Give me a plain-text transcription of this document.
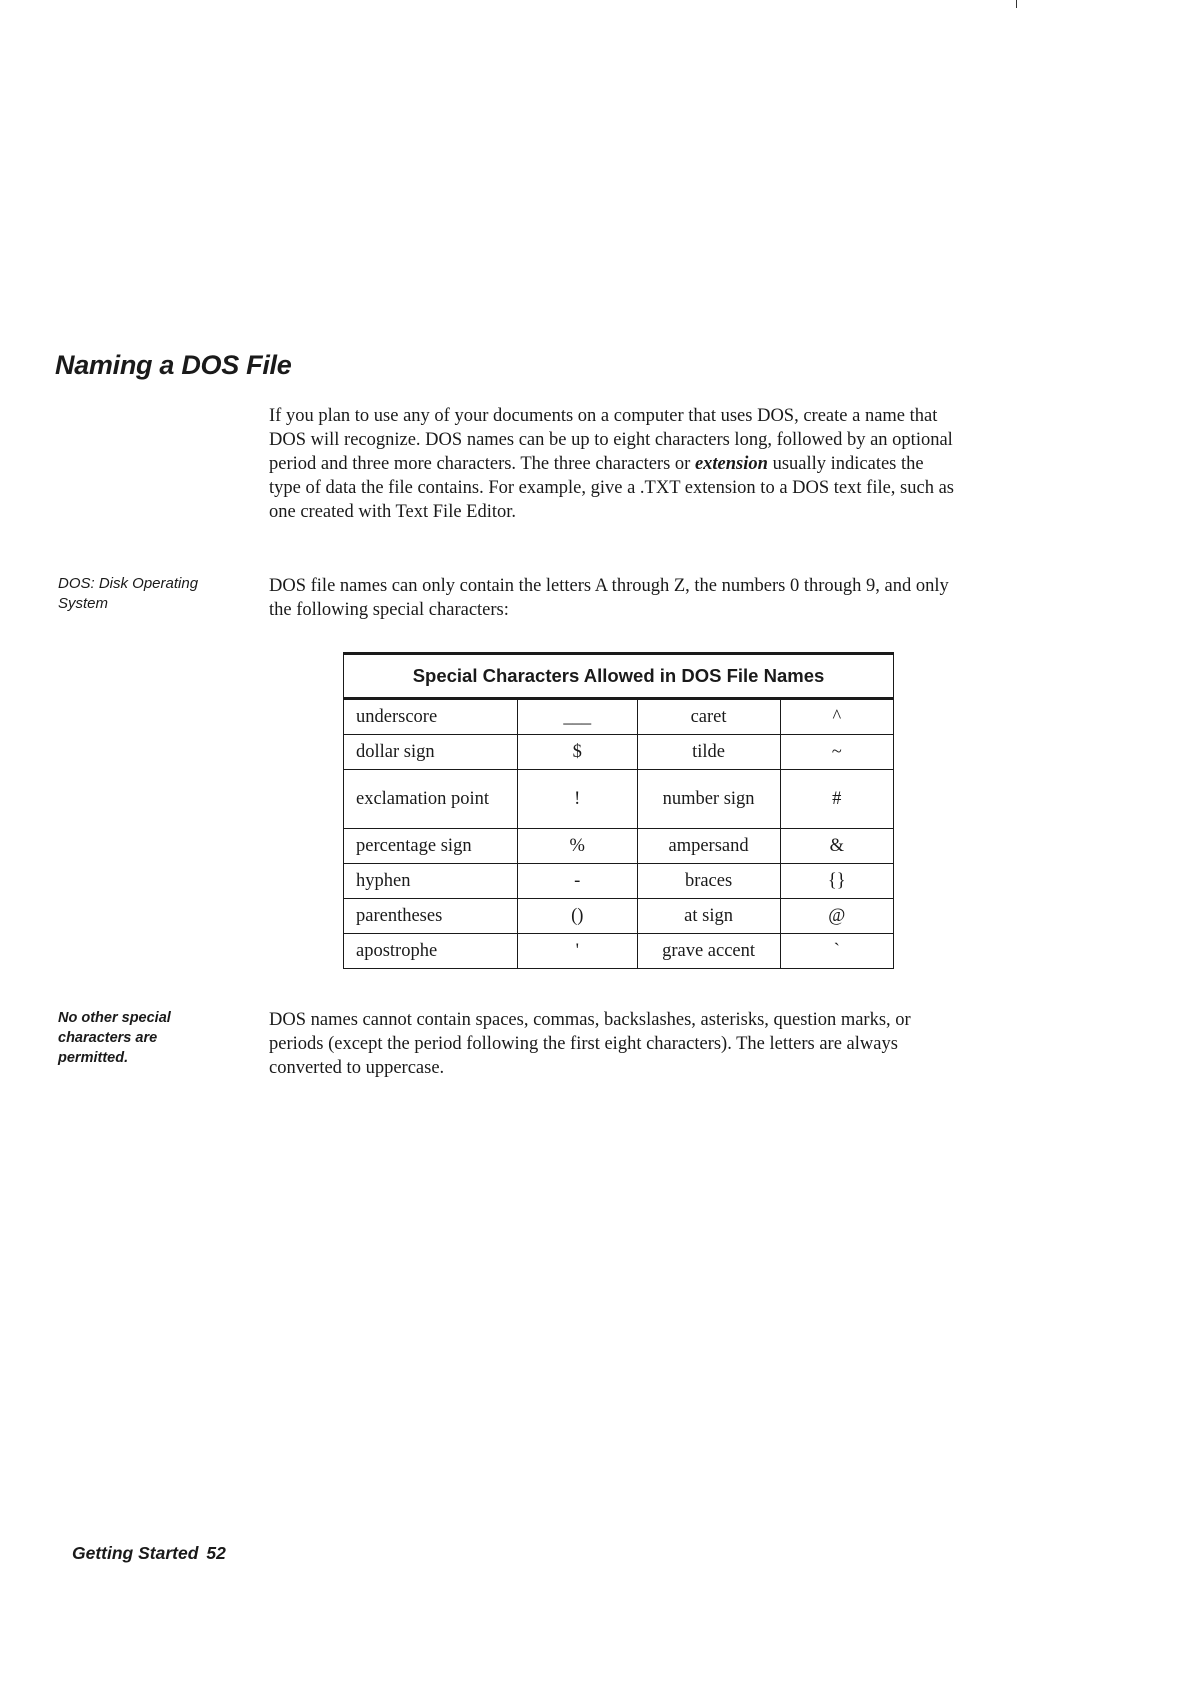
Naming a DOS File

If you plan to use any of your documents on a computer that uses DOS, create a name that DOS will recognize. DOS names can be up to eight characters long, followed by an optional period and three more characters. The three characters or extension usually indicates the type of data the file contains. For example, give a .TXT extension to a DOS text file, such as one created with Text File Editor.

DOS: Disk Operating System

DOS file names can only contain the letters A through Z, the numbers 0 through 9, and only the following special characters:

Special Characters Allowed in DOS File Names			
underscore	___	caret	^
dollar sign	$	tilde	~
exclamation point	!	number sign	#
percentage sign	%	ampersand	&
hyphen	-	braces	{}
parentheses	()	at sign	@
apostrophe	'	grave accent	`

No other special characters are permitted.

DOS names cannot contain spaces, commas, backslashes, asterisks, question marks, or periods (except the period following the first eight characters). The letters are always converted to uppercase.

Getting Started 52
